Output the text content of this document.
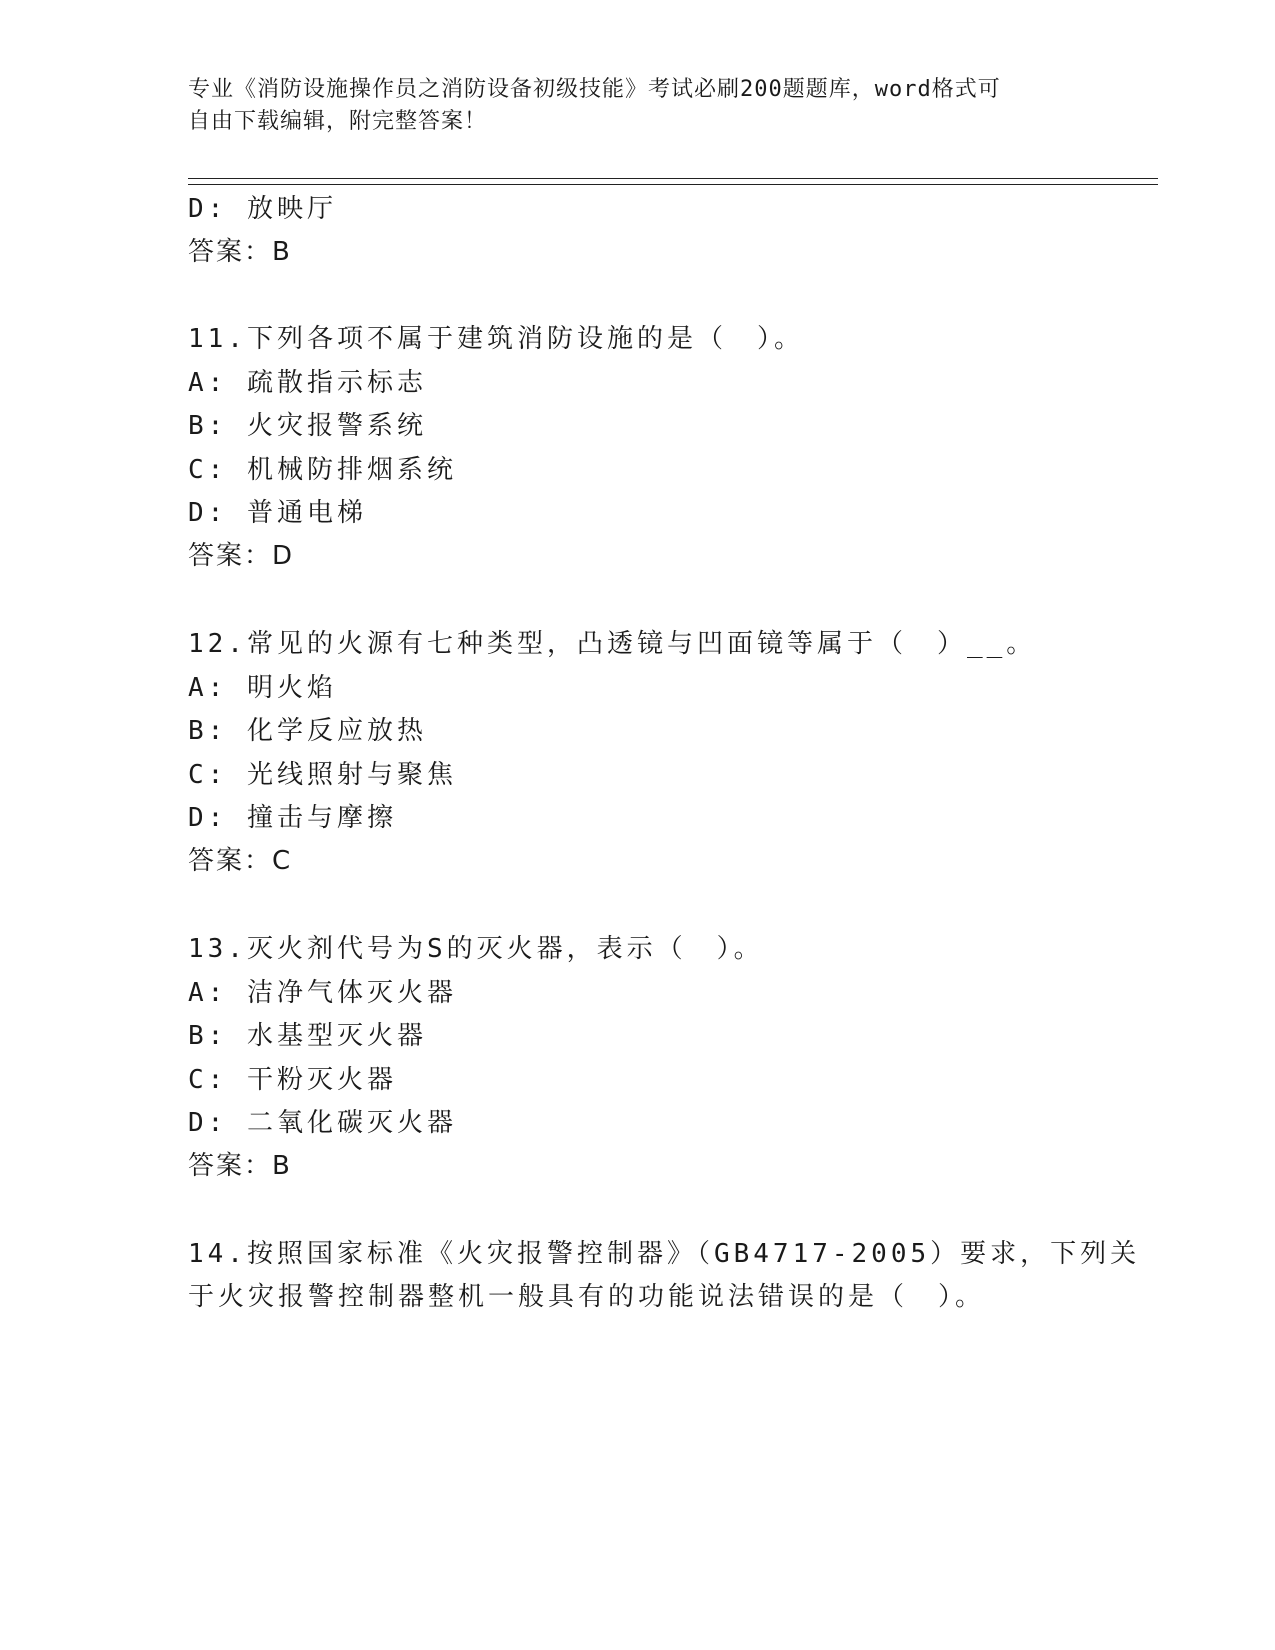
专业《消防设施操作员之消防设备初级技能》考试必刷200题题库，word格式可
自由下载编辑，附完整答案！
D: 放映厅
答案：B
11.下列各项不属于建筑消防设施的是（　）。
A: 疏散指示标志
B: 火灾报警系统
C: 机械防排烟系统
D: 普通电梯
答案：D
12.常见的火源有七种类型，凸透镜与凹面镜等属于（　）__。
A: 明火焰
B: 化学反应放热
C: 光线照射与聚焦
D: 撞击与摩擦
答案：C
13.灭火剂代号为S的灭火器，表示（　）。
A: 洁净气体灭火器
B: 水基型灭火器
C: 干粉灭火器
D: 二氧化碳灭火器
答案：B
14.按照国家标准《火灾报警控制器》（GB4717-2005）要求，下列关
于火灾报警控制器整机一般具有的功能说法错误的是（　）。
